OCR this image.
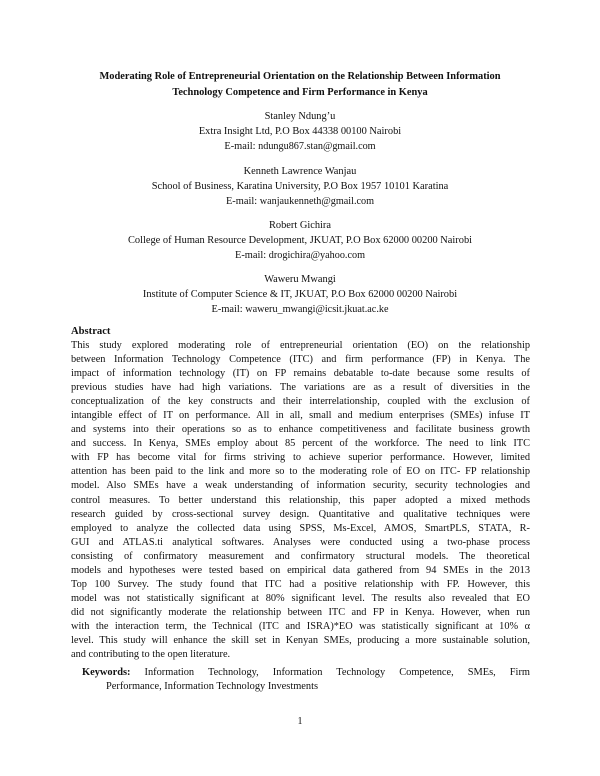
Moderating Role of Entrepreneurial Orientation on the Relationship Between Information
Technology Competence and Firm Performance in Kenya
Stanley Ndung’u
Extra Insight Ltd, P.O Box 44338 00100 Nairobi
E-mail: ndungu867.stan@gmail.com
Kenneth Lawrence Wanjau
School of Business, Karatina University, P.O Box 1957 10101 Karatina
E-mail: wanjaukenneth@gmail.com
Robert Gichira
College of Human Resource Development, JKUAT, P.O Box 62000 00200 Nairobi
E-mail: drogichira@yahoo.com
Waweru Mwangi
Institute of Computer Science & IT, JKUAT, P.O Box 62000 00200 Nairobi
E-mail: waweru_mwangi@icsit.jkuat.ac.ke
Abstract
This study explored moderating role of entrepreneurial orientation (EO) on the relationship
between Information Technology Competence (ITC) and firm performance (FP) in Kenya. The
impact of information technology (IT) on FP remains debatable to-date because some results of
previous studies have had high variations. The variations are as a result of diversities in the
conceptualization of the key constructs and their interrelationship, coupled with the exclusion of
intangible effect of IT on performance. All in all, small and medium enterprises (SMEs) infuse IT
and systems into their operations so as to enhance competitiveness and facilitate business growth
and success. In Kenya, SMEs employ about 85 percent of the workforce. The need to link ITC
with FP has become vital for firms striving to achieve superior performance. However, limited
attention has been paid to the link and more so to the moderating role of EO on ITC- FP relationship
model. Also SMEs have a weak understanding of information security, security technologies and
control measures. To better understand this relationship, this paper adopted a mixed methods
research guided by cross-sectional survey design. Quantitative and qualitative techniques were
employed to analyze the collected data using SPSS, Ms-Excel, AMOS, SmartPLS, STATA, R-
GUI and ATLAS.ti analytical softwares. Analyses were conducted using a two-phase process
consisting of confirmatory measurement and confirmatory structural models. The theoretical
models and hypotheses were tested based on empirical data gathered from 94 SMEs in the 2013
Top 100 Survey. The study found that ITC had a positive relationship with FP. However, this
model was not statistically significant at 80% significant level. The results also revealed that EO
did not significantly moderate the relationship between ITC and FP in Kenya. However, when run
with the interaction term, the Technical (ITC and ISRA)*EO was statistically significant at 10% α
level. This study will enhance the skill set in Kenyan SMEs, producing a more sustainable solution,
and contributing to the open literature.
Keywords: Information Technology, Information Technology Competence, SMEs, Firm
Performance, Information Technology Investments
1
